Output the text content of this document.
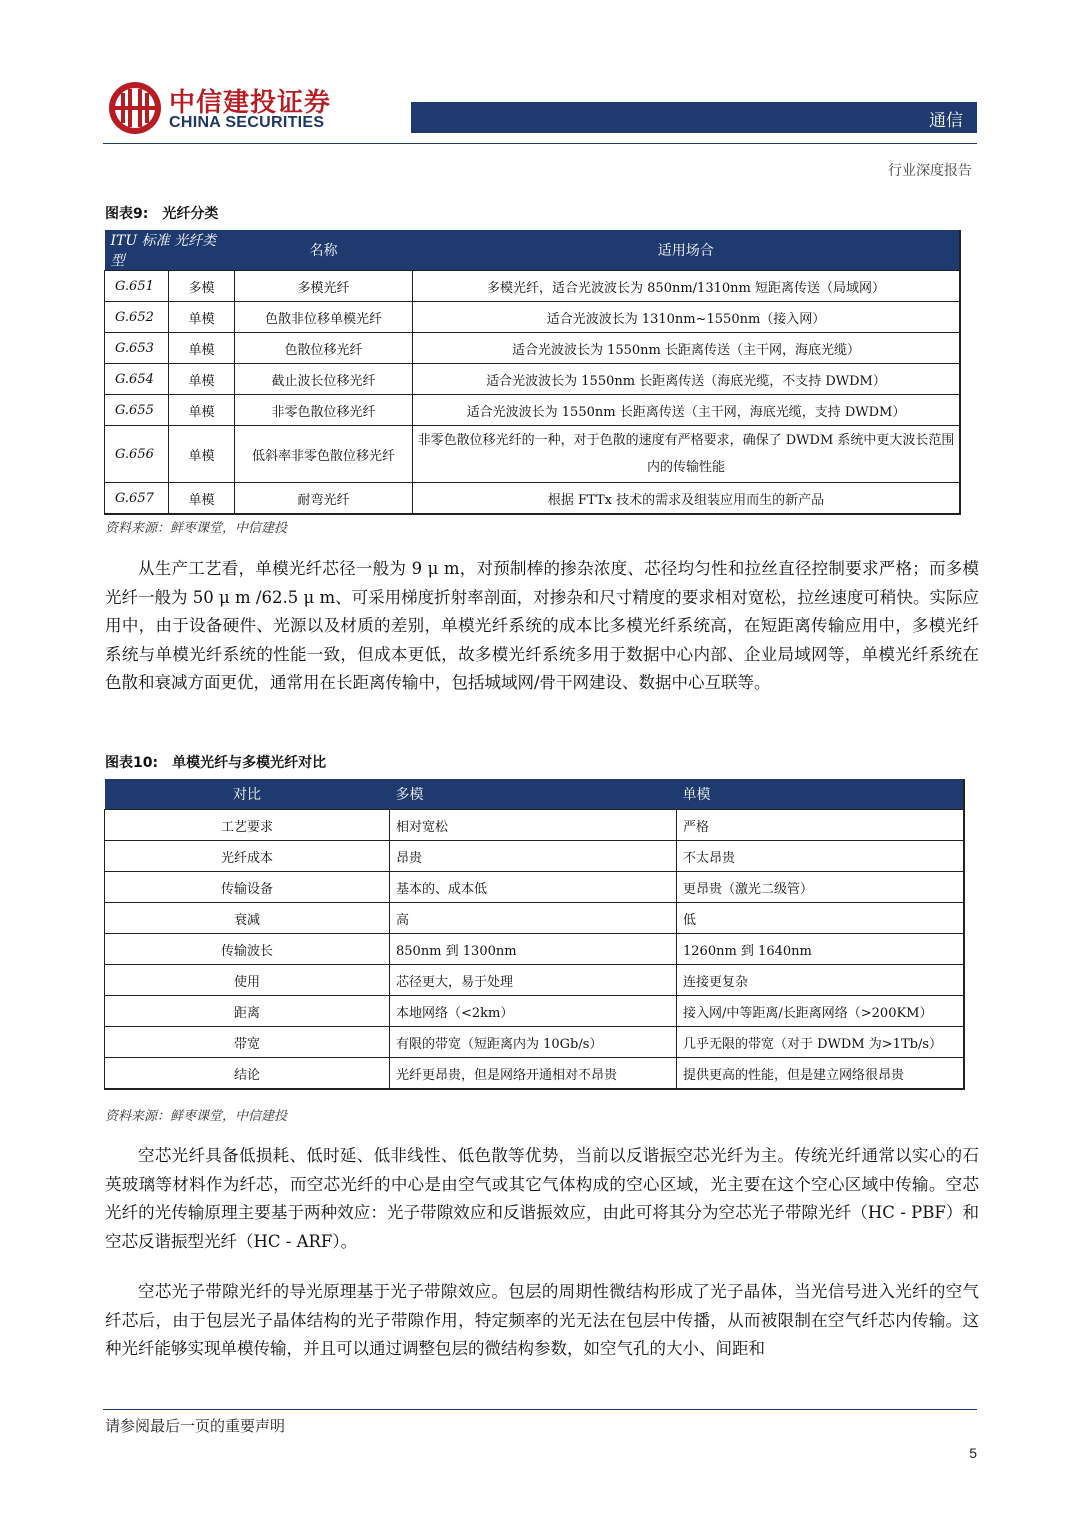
中信建投证券
CHINA SECURITIES	通信
行业深度报告
图表9:　光纤分类
ITU 标准 光纤类型		名称	适用场合
G.651	多模	多模光纤	多模光纤，适合光波波长为 850nm/1310nm 短距离传送（局域网）
G.652	单模	色散非位移单模光纤	适合光波波长为 1310nm~1550nm（接入网）
G.653	单模	色散位移光纤	适合光波波长为 1550nm 长距离传送（主干网，海底光缆）
G.654	单模	截止波长位移光纤	适合光波波长为 1550nm 长距离传送（海底光缆，不支持 DWDM）
G.655	单模	非零色散位移光纤	适合光波波长为 1550nm 长距离传送（主干网，海底光缆，支持 DWDM）
G.656	单模	低斜率非零色散位移光纤	非零色散位移光纤的一种，对于色散的速度有严格要求，确保了 DWDM 系统中更大波长范围内的传输性能
G.657	单模	耐弯光纤	根据 FTTx 技术的需求及组装应用而生的新产品
资料来源：鲜枣课堂，中信建投

从生产工艺看，单模光纤芯径一般为 9 μ m，对预制棒的掺杂浓度、芯径均匀性和拉丝直径控制要求严格；而多模光纤一般为 50 μ m /62.5 μ m、可采用梯度折射率剖面，对掺杂和尺寸精度的要求相对宽松，拉丝速度可稍快。实际应用中，由于设备硬件、光源以及材质的差别，单模光纤系统的成本比多模光纤系统高，在短距离传输应用中，多模光纤系统与单模光纤系统的性能一致，但成本更低，故多模光纤系统多用于数据中心内部、企业局域网等，单模光纤系统在色散和衰减方面更优，通常用在长距离传输中，包括城域网/骨干网建设、数据中心互联等。

图表10:　单模光纤与多模光纤对比
对比	多模	单模
工艺要求	相对宽松	严格
光纤成本	昂贵	不太昂贵
传输设备	基本的、成本低	更昂贵（激光二级管）
衰减	高	低
传输波长	850nm 到 1300nm	1260nm 到 1640nm
使用	芯径更大，易于处理	连接更复杂
距离	本地网络（<2km）	接入网/中等距离/长距离网络（>200KM）
带宽	有限的带宽（短距离内为 10Gb/s）	几乎无限的带宽（对于 DWDM 为>1Tb/s）
结论	光纤更昂贵，但是网络开通相对不昂贵	提供更高的性能，但是建立网络很昂贵
资料来源：鲜枣课堂，中信建投

空芯光纤具备低损耗、低时延、低非线性、低色散等优势，当前以反谐振空芯光纤为主。传统光纤通常以实心的石英玻璃等材料作为纤芯，而空芯光纤的中心是由空气或其它气体构成的空心区域，光主要在这个空心区域中传输。空芯光纤的光传输原理主要基于两种效应：光子带隙效应和反谐振效应，由此可将其分为空芯光子带隙光纤（HC - PBF）和空芯反谐振型光纤（HC - ARF）。

空芯光子带隙光纤的导光原理基于光子带隙效应。包层的周期性微结构形成了光子晶体，当光信号进入光纤的空气纤芯后，由于包层光子晶体结构的光子带隙作用，特定频率的光无法在包层中传播，从而被限制在空气纤芯内传输。这种光纤能够实现单模传输，并且可以通过调整包层的微结构参数，如空气孔的大小、间距和

请参阅最后一页的重要声明
5
